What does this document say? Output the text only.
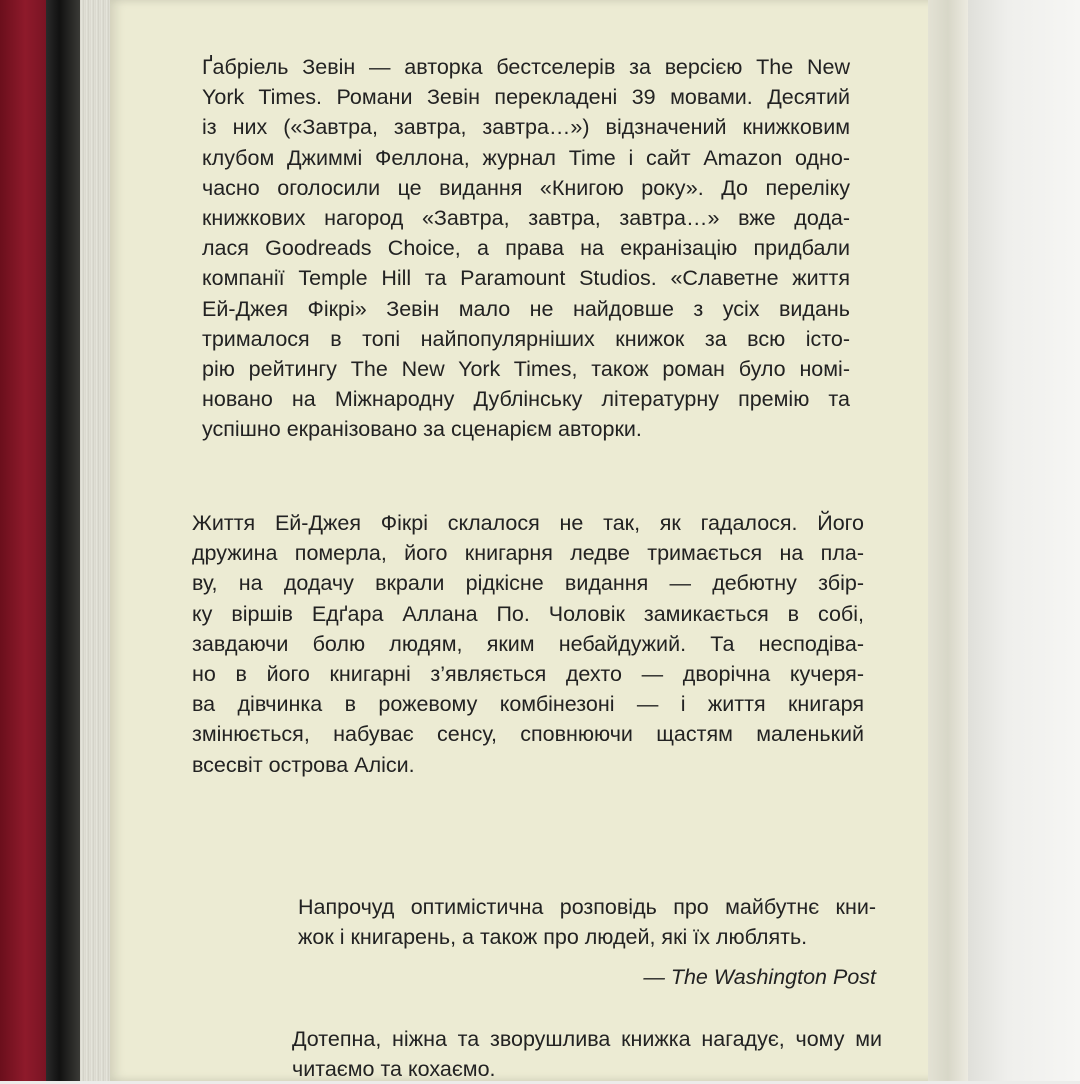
Ґабріель Зевін — авторка бестселерів за версією The New
York Times. Романи Зевін перекладені 39 мовами. Десятий
із них («Завтра, завтра, завтра…») відзначений книжковим
клубом Джиммі Феллона, журнал Time і сайт Amazon одно-
часно оголосили це видання «Книгою року». До переліку
книжкових нагород «Завтра, завтра, завтра…» вже дода-
лася Goodreads Choice, а права на екранізацію придбали
компанії Temple Hill та Paramount Studios. «Славетне життя
Ей-Джея Фікрі» Зевін мало не найдовше з усіх видань
трималося в топі найпопулярніших книжок за всю істо-
рію рейтингу The New York Times, також роман було номі-
новано на Міжнародну Дублінську літературну премію та
успішно екранізовано за сценарієм авторки.
Життя Ей-Джея Фікрі склалося не так, як гадалося. Його
дружина померла, його книгарня ледве тримається на пла-
ву, на додачу вкрали рідкісне видання — дебютну збір-
ку віршів Едґара Аллана По. Чоловік замикається в собі,
завдаючи болю людям, яким небайдужий. Та несподіва-
но в його книгарні з’являється дехто — дворічна кучеря-
ва дівчинка в рожевому комбінезоні — і життя книгаря
змінюється, набуває сенсу, сповнюючи щастям маленький
всесвіт острова Аліси.
Напрочуд оптимістична розповідь про майбутнє кни-
жок і книгарень, а також про людей, які їх люблять.
— The Washington Post
Дотепна, ніжна та зворушлива книжка нагадує, чому ми
читаємо та кохаємо.
